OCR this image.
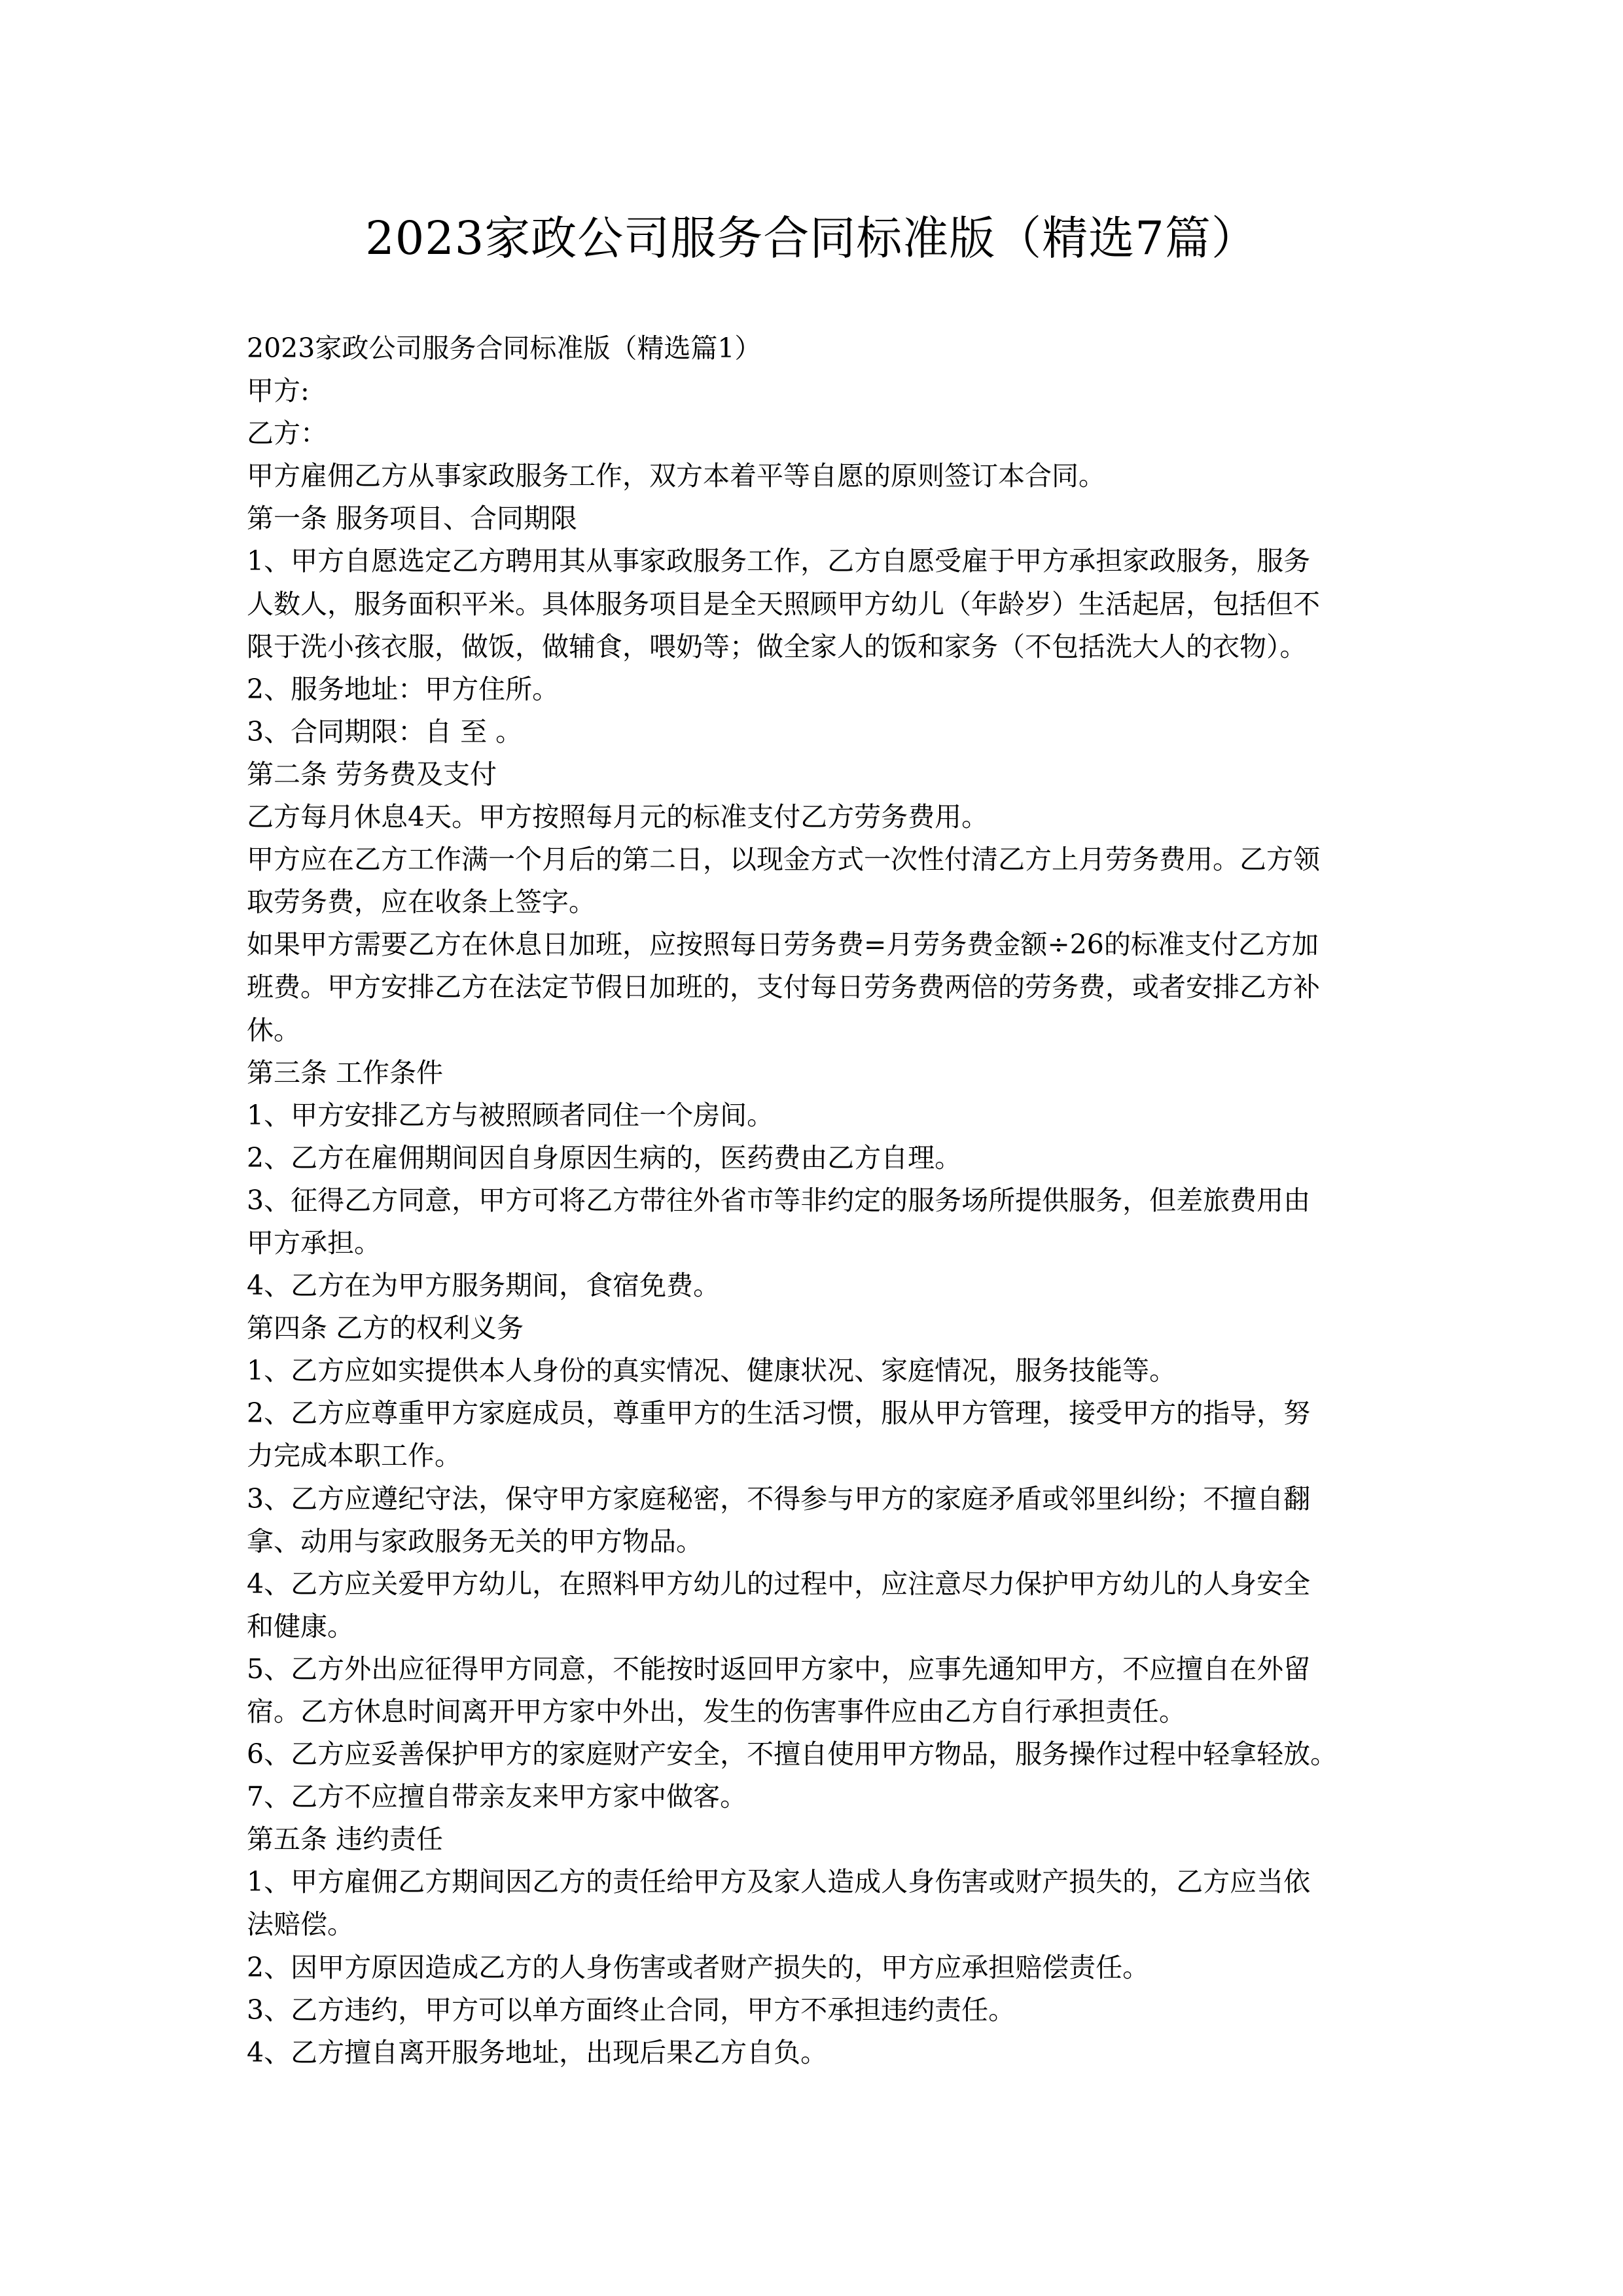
2023家政公司服务合同标准版（精选7篇）
2023家政公司服务合同标准版（精选篇1）
甲方:
乙方：
甲方雇佣乙方从事家政服务工作，双方本着平等自愿的原则签订本合同。
第一条 服务项目、合同期限
1、甲方自愿选定乙方聘用其从事家政服务工作，乙方自愿受雇于甲方承担家政服务，服务
人数人，服务面积平米。具体服务项目是全天照顾甲方幼儿（年龄岁）生活起居，包括但不
限于洗小孩衣服，做饭，做辅食，喂奶等；做全家人的饭和家务（不包括洗大人的衣物）。
2、服务地址：甲方住所。
3、合同期限：自 至 。
第二条 劳务费及支付
乙方每月休息4天。甲方按照每月元的标准支付乙方劳务费用。
甲方应在乙方工作满一个月后的第二日，以现金方式一次性付清乙方上月劳务费用。乙方领
取劳务费，应在收条上签字。
如果甲方需要乙方在休息日加班，应按照每日劳务费=月劳务费金额÷26的标准支付乙方加
班费。甲方安排乙方在法定节假日加班的，支付每日劳务费两倍的劳务费，或者安排乙方补
休。
第三条 工作条件
1、甲方安排乙方与被照顾者同住一个房间。
2、乙方在雇佣期间因自身原因生病的，医药费由乙方自理。
3、征得乙方同意，甲方可将乙方带往外省市等非约定的服务场所提供服务，但差旅费用由
甲方承担。
4、乙方在为甲方服务期间，食宿免费。
第四条 乙方的权利义务
1、乙方应如实提供本人身份的真实情况、健康状况、家庭情况，服务技能等。
2、乙方应尊重甲方家庭成员，尊重甲方的生活习惯，服从甲方管理，接受甲方的指导，努
力完成本职工作。
3、乙方应遵纪守法，保守甲方家庭秘密，不得参与甲方的家庭矛盾或邻里纠纷；不擅自翻
拿、动用与家政服务无关的甲方物品。
4、乙方应关爱甲方幼儿，在照料甲方幼儿的过程中，应注意尽力保护甲方幼儿的人身安全
和健康。
5、乙方外出应征得甲方同意，不能按时返回甲方家中，应事先通知甲方，不应擅自在外留
宿。乙方休息时间离开甲方家中外出，发生的伤害事件应由乙方自行承担责任。
6、乙方应妥善保护甲方的家庭财产安全，不擅自使用甲方物品，服务操作过程中轻拿轻放。
7、乙方不应擅自带亲友来甲方家中做客。
第五条 违约责任
1、甲方雇佣乙方期间因乙方的责任给甲方及家人造成人身伤害或财产损失的，乙方应当依
法赔偿。
2、因甲方原因造成乙方的人身伤害或者财产损失的，甲方应承担赔偿责任。
3、乙方违约，甲方可以单方面终止合同，甲方不承担违约责任。
4、乙方擅自离开服务地址，出现后果乙方自负。
